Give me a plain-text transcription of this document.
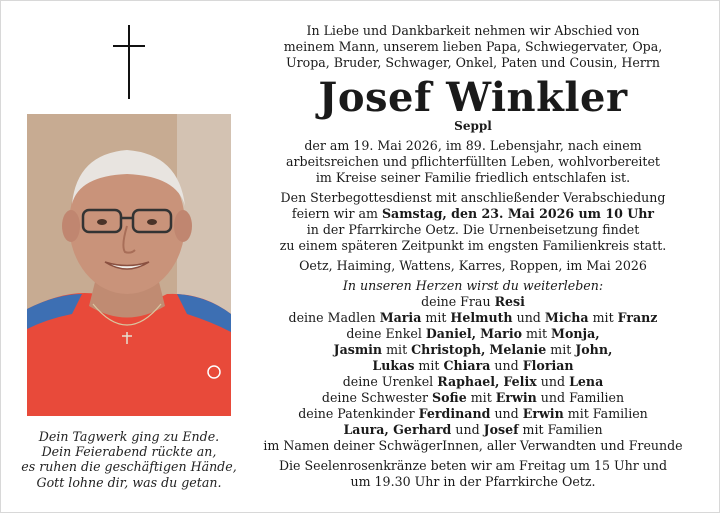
Dein Tagwerk ging zu Ende.
Dein Feierabend rückte an,
es ruhen die geschäftigen Hände,
Gott lohne dir, was du getan.
In Liebe und Dankbarkeit nehmen wir Abschied von
meinem Mann, unserem lieben Papa, Schwiegervater, Opa,
Uropa, Bruder, Schwager, Onkel, Paten und Cousin, Herrn
Josef Winkler
Seppl
der am 19. Mai 2026, im 89. Lebensjahr, nach einem
arbeitsreichen und pflichterfüllten Leben, wohlvorbereitet
im Kreise seiner Familie friedlich entschlafen ist.
Den Sterbegottesdienst mit anschließender Verabschiedung
feiern wir am Samstag, den 23. Mai 2026 um 10 Uhr
in der Pfarrkirche Oetz. Die Urnenbeisetzung findet
zu einem späteren Zeitpunkt im engsten Familienkreis statt.
Oetz, Haiming, Wattens, Karres, Roppen, im Mai 2026
In unseren Herzen wirst du weiterleben:
deine Frau Resi
deine Madlen Maria mit Helmuth und Micha mit Franz
deine Enkel Daniel, Mario mit Monja,
Jasmin mit Christoph, Melanie mit John,
Lukas mit Chiara und Florian
deine Urenkel Raphael, Felix und Lena
deine Schwester Sofie mit Erwin und Familien
deine Patenkinder Ferdinand und Erwin mit Familien
Laura, Gerhard und Josef mit Familien
im Namen deiner SchwägerInnen, aller Verwandten und Freunde
Die Seelenrosenkränze beten wir am Freitag um 15 Uhr und
um 19.30 Uhr in der Pfarrkirche Oetz.
